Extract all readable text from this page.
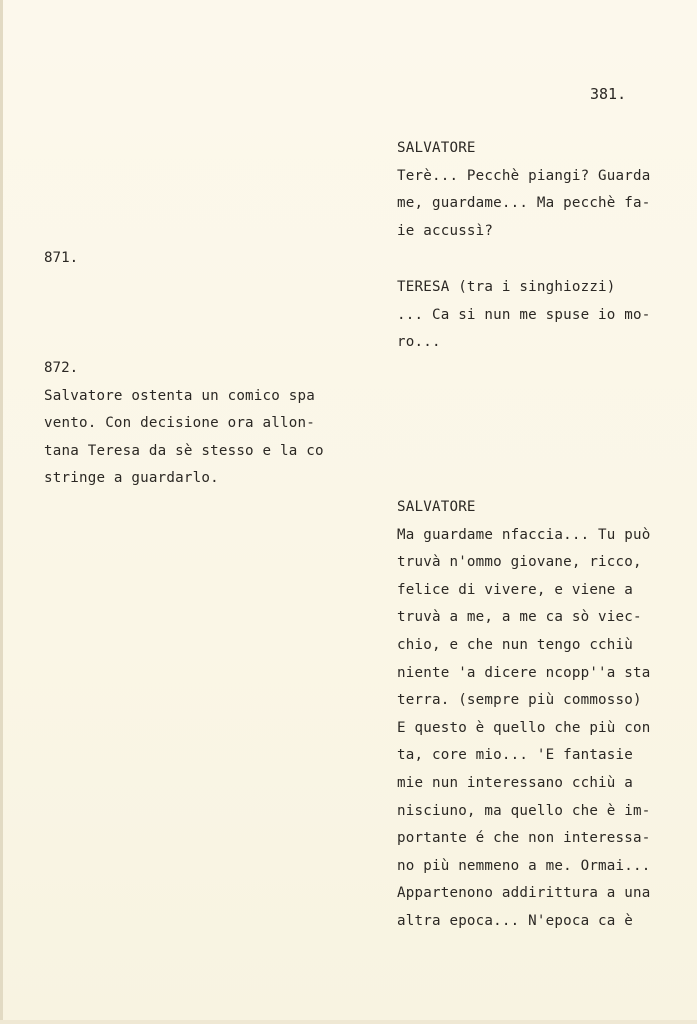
381.
871.
872.
Salvatore ostenta un comico spa
vento. Con decisione ora allon-
tana Teresa da sè stesso e la co
stringe a guardarlo.
SALVATORE
Terè... Pecchè piangi? Guarda
me, guardame... Ma pecchè fa-
ie accussì?
TERESA (tra i singhiozzi)
... Ca si nun me spuse io mo-
ro...
SALVATORE
Ma guardame nfaccia... Tu può
truvà n'ommo giovane, ricco,
felice di vivere, e viene a
truvà a me, a me ca sò viec-
chio, e che nun tengo cchiù
niente 'a dicere ncopp''a sta
terra. (sempre più commosso)
E questo è quello che più con
ta, core mio... 'E fantasie
mie nun interessano cchiù a
nisciuno, ma quello che è im-
portante é che non interessa-
no più nemmeno a me. Ormai...
Appartenono addirittura a una
altra epoca... N'epoca ca è
